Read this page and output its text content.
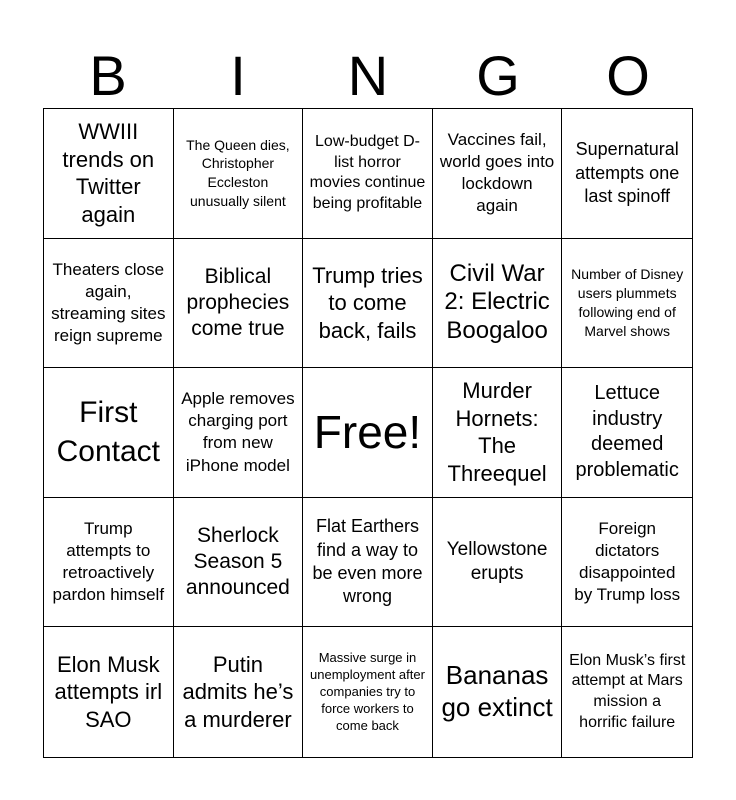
B	I	N	G	O
WWIII trends on Twitter again
The Queen dies, Christopher Eccleston unusually silent
Low-budget D-list horror movies continue being profitable
Vaccines fail, world goes into lockdown again
Supernatural attempts one last spinoff
Theaters close again, streaming sites reign supreme
Biblical prophecies come true
Trump tries to come back, fails
Civil War 2: Electric Boogaloo
Number of Disney users plummets following end of Marvel shows
First Contact
Apple removes charging port from new iPhone model
Free!
Murder Hornets: The Threequel
Lettuce industry deemed problematic
Trump attempts to retroactively pardon himself
Sherlock Season 5 announced
Flat Earthers find a way to be even more wrong
Yellowstone erupts
Foreign dictators disappointed by Trump loss
Elon Musk attempts irl SAO
Putin admits he’s a murderer
Massive surge in unemployment after companies try to force workers to come back
Bananas go extinct
Elon Musk’s first attempt at Mars mission a horrific failure
